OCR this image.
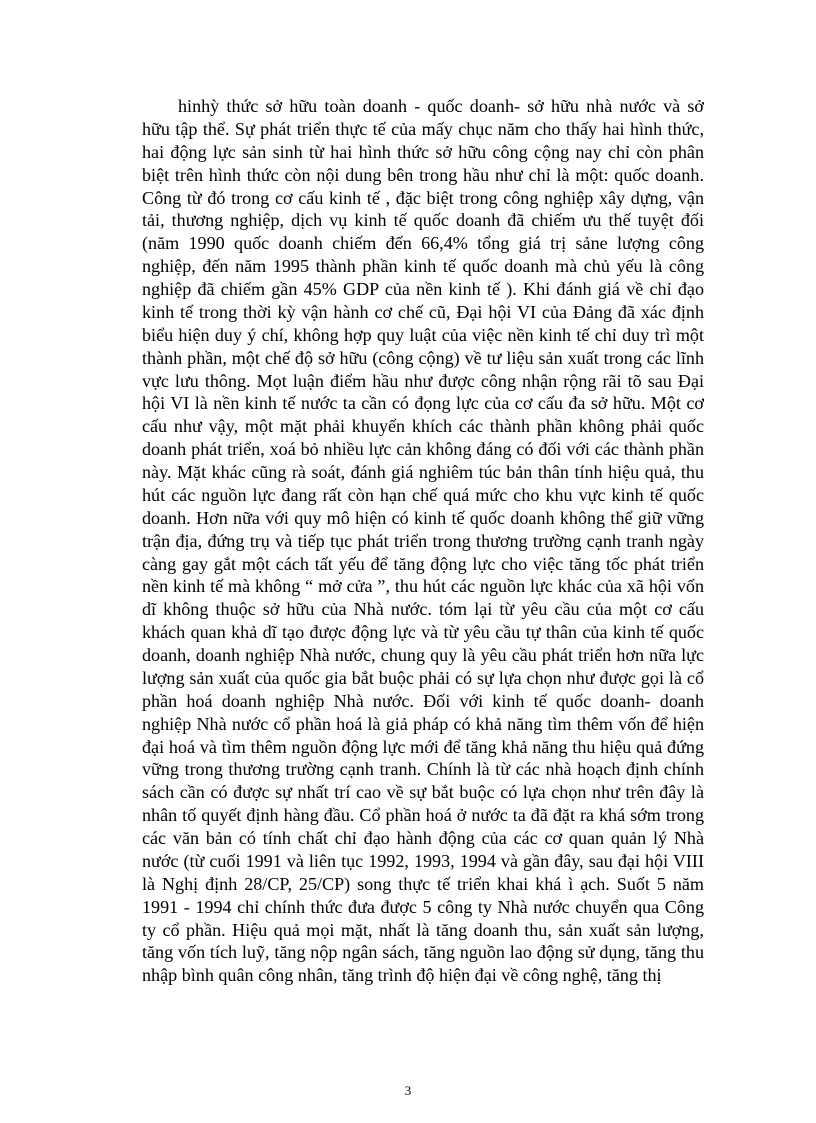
hinhỳ thức sở hữu toàn doanh - quốc doanh- sở hữu nhà nước và sở
hữu tập thể. Sự phát triển thực tế của mấy chục năm cho thấy hai hình thức,
hai động lực sản sinh từ hai hình thức sở hữu công cộng nay chỉ còn phân
biệt trên hình thức còn nội dung bên trong hầu như chỉ là một: quốc doanh.
Công từ đó trong cơ cấu kinh tế , đặc biệt trong công nghiệp xây dựng, vận
tải, thương nghiệp, dịch vụ kinh tế quốc doanh đã chiếm ưu thế tuyệt đối
(năm 1990 quốc doanh chiếm đến 66,4% tổng giá trị sảne lượng công
nghiệp, đến năm 1995 thành phần kinh tế quốc doanh mà chủ yếu là công
nghiệp đã chiếm gần 45% GDP của nền kinh tế ). Khi đánh giá về chỉ đạo
kinh tế trong thời kỳ vận hành cơ chế cũ, Đại hội VI của Đảng đã xác định
biểu hiện duy ý chí, không hợp quy luật của việc nền kinh tế chỉ duy trì một
thành phần, một chế độ sở hữu (công cộng) về tư liệu sản xuất trong các lĩnh
vực lưu thông. Mọt luận điểm hầu như được công nhận rộng rãi tõ sau Đại
hội VI là nền kinh tế nước ta cần có đọng lực của cơ cấu đa sở hữu. Một cơ
cấu như vậy, một mặt phải khuyến khích các thành phần không phải quốc
doanh phát triển, xoá bỏ nhiều lực cản không đáng có đối với các thành phần
này. Mặt khác cũng rà soát, đánh giá nghiêm túc bản thân tính hiệu quả, thu
hút các nguồn lực đang rất còn hạn chế quá mức cho khu vực kinh tế quốc
doanh. Hơn nữa với quy mô hiện có kinh tế quốc doanh không thể giữ vững
trận địa, đứng trụ và tiếp tục phát triển trong thương trường cạnh tranh ngày
càng gay gắt một cách tất yếu để tăng động lực cho việc tăng tốc phát triển
nền kinh tế mà không “ mở cửa ”, thu hút các nguồn lực khác của xã hội vốn
dĩ không thuộc sở hữu của Nhà nước. tóm lại từ yêu cầu của một cơ cấu
khách quan khả dĩ tạo được động lực và từ yêu cầu tự thân của kinh tế quốc
doanh, doanh nghiệp Nhà nước, chung quy là yêu cầu phát triển hơn nữa lực
lượng sản xuất của quốc gia bắt buộc phải có sự lựa chọn như được gọi là cổ
phần hoá doanh nghiệp Nhà nước. Đối với kinh tế quốc doanh- doanh
nghiệp Nhà nước cổ phần hoá là giả pháp có khả năng tìm thêm vốn để hiện
đại hoá và tìm thêm nguồn động lực mới để tăng khả năng thu hiệu quả đứng
vững trong thương trường cạnh tranh. Chính là từ các nhà hoạch định chính
sách cần có được sự nhất trí cao về sự bắt buộc có lựa chọn như trên đây là
nhân tố quyết định hàng đầu. Cổ phần hoá ở nước ta đã đặt ra khá sớm trong
các văn bản có tính chất chỉ đạo hành động của các cơ quan quản lý Nhà
nước (từ cuối 1991 và liên tục 1992, 1993, 1994 và gần đây, sau đại hội VIII
là Nghị định 28/CP, 25/CP) song thực tế triển khai khá ì ạch. Suốt 5 năm
1991 - 1994 chỉ chính thức đưa được 5 công ty Nhà nước chuyển qua Công
ty cổ phần. Hiệu quả mọi mặt, nhất là tăng doanh thu, sản xuất sản lượng,
tăng vốn tích luỹ, tăng nộp ngân sách, tăng nguồn lao động sử dụng, tăng thu
nhập bình quân công nhân, tăng trình độ hiện đại về công nghệ, tăng thị
3
